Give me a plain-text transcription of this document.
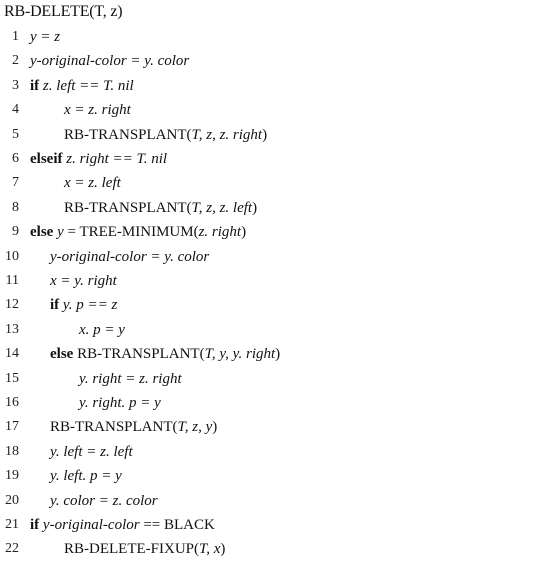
RB-DELETE(T, z)
1 y = z
2 y-original-color = y. color
3 if z. left == T. nil
4	x = z. right
5	RB-TRANSPLANT(T, z, z. right)
6 elseif z. right == T. nil
7	x = z. left
8	RB-TRANSPLANT(T, z, z. left)
9 else y = TREE-MINIMUM(z. right)
10 y-original-color = y. color
11 x = y. right
12 if y. p == z
13	x. p = y
14 else RB-TRANSPLANT(T, y, y. right)
15	y. right = z. right
16	y. right. p = y
17 RB-TRANSPLANT(T, z, y)
18 y. left = z. left
19 y. left. p = y
20 y. color = z. color
21 if y-original-color == BLACK
22	RB-DELETE-FIXUP(T, x)
